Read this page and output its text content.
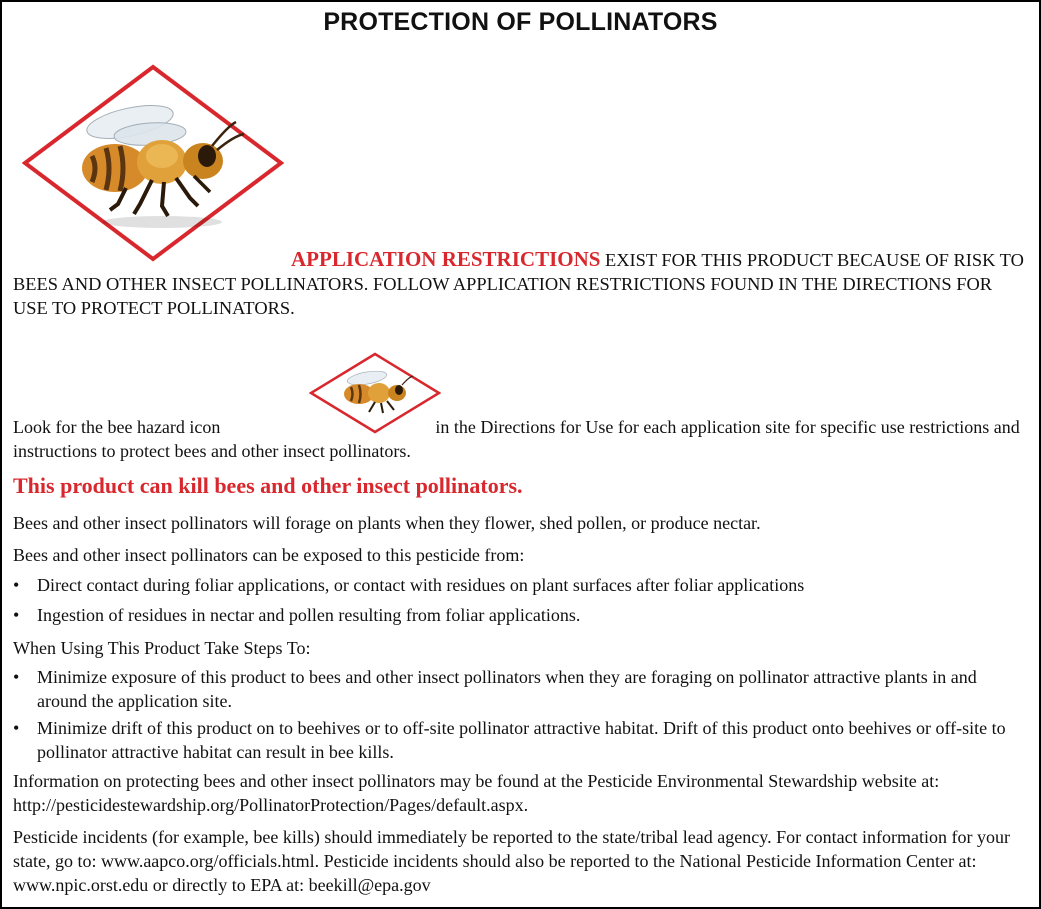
PROTECTION OF POLLINATORS
APPLICATION RESTRICTIONS EXIST FOR THIS PRODUCT BECAUSE OF RISK TO BEES AND OTHER INSECT POLLINATORS. FOLLOW APPLICATION RESTRICTIONS FOUND IN THE DIRECTIONS FOR USE TO PROTECT POLLINATORS.
Look for the bee hazard icon	in the Directions for Use for each application site for specific use restrictions and instructions to protect bees and other insect pollinators.
This product can kill bees and other insect pollinators.
Bees and other insect pollinators will forage on plants when they flower, shed pollen, or produce nectar.
Bees and other insect pollinators can be exposed to this pesticide from:
• Direct contact during foliar applications, or contact with residues on plant surfaces after foliar applications
• Ingestion of residues in nectar and pollen resulting from foliar applications.
When Using This Product Take Steps To:
• Minimize exposure of this product to bees and other insect pollinators when they are foraging on pollinator attractive plants in and around the application site.
• Minimize drift of this product on to beehives or to off-site pollinator attractive habitat. Drift of this product onto beehives or off-site to pollinator attractive habitat can result in bee kills.
Information on protecting bees and other insect pollinators may be found at the Pesticide Environmental Stewardship website at: http://pesticidestewardship.org/PollinatorProtection/Pages/default.aspx.
Pesticide incidents (for example, bee kills) should immediately be reported to the state/tribal lead agency. For contact information for your state, go to: www.aapco.org/officials.html. Pesticide incidents should also be reported to the National Pesticide Information Center at: www.npic.orst.edu or directly to EPA at: beekill@epa.gov
